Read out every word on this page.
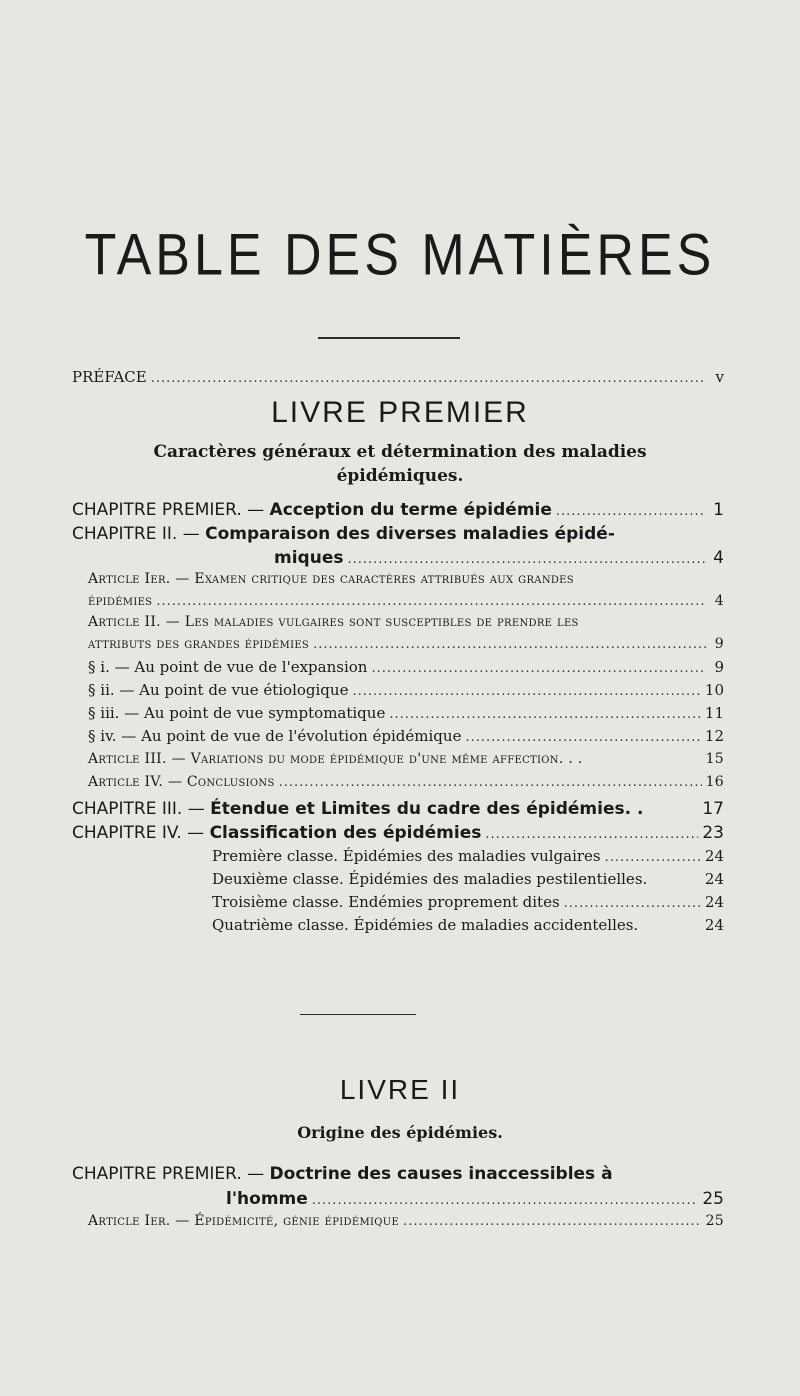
TABLE DES MATIÈRES
PRÉFACE .....	v
LIVRE PREMIER
Caractères généraux et détermination des maladies
épidémiques.
CHAPITRE PREMIER. — Acception du terme épidémie .....	1
CHAPITRE II. — Comparaison des diverses maladies épidé-
miques .....	4
Article Ier. — Examen critique des caractères attribués aux grandes
épidémies .....	4
Article II. — Les maladies vulgaires sont susceptibles de prendre les
attributs des grandes épidémies .....	9
§ i. — Au point de vue de l'expansion .....	9
§ ii. — Au point de vue étiologique .....	10
§ iii. — Au point de vue symptomatique .....	11
§ iv. — Au point de vue de l'évolution épidémique .....	12
Article III. — Variations du mode épidémique d'une même affection. . .	15
Article IV. — Conclusions .....	16
CHAPITRE III. — Étendue et Limites du cadre des épidémies. .	17
CHAPITRE IV. — Classification des épidémies .....	23
Première classe. Épidémies des maladies vulgaires .....	24
Deuxième classe. Épidémies des maladies pestilentielles.	24
Troisième classe. Endémies proprement dites .....	24
Quatrième classe. Épidémies de maladies accidentelles.	24
LIVRE II
Origine des épidémies.
CHAPITRE PREMIER. — Doctrine des causes inaccessibles à
l'homme .....	25
Article Ier. — Épidémicité, génie épidémique .....	25
